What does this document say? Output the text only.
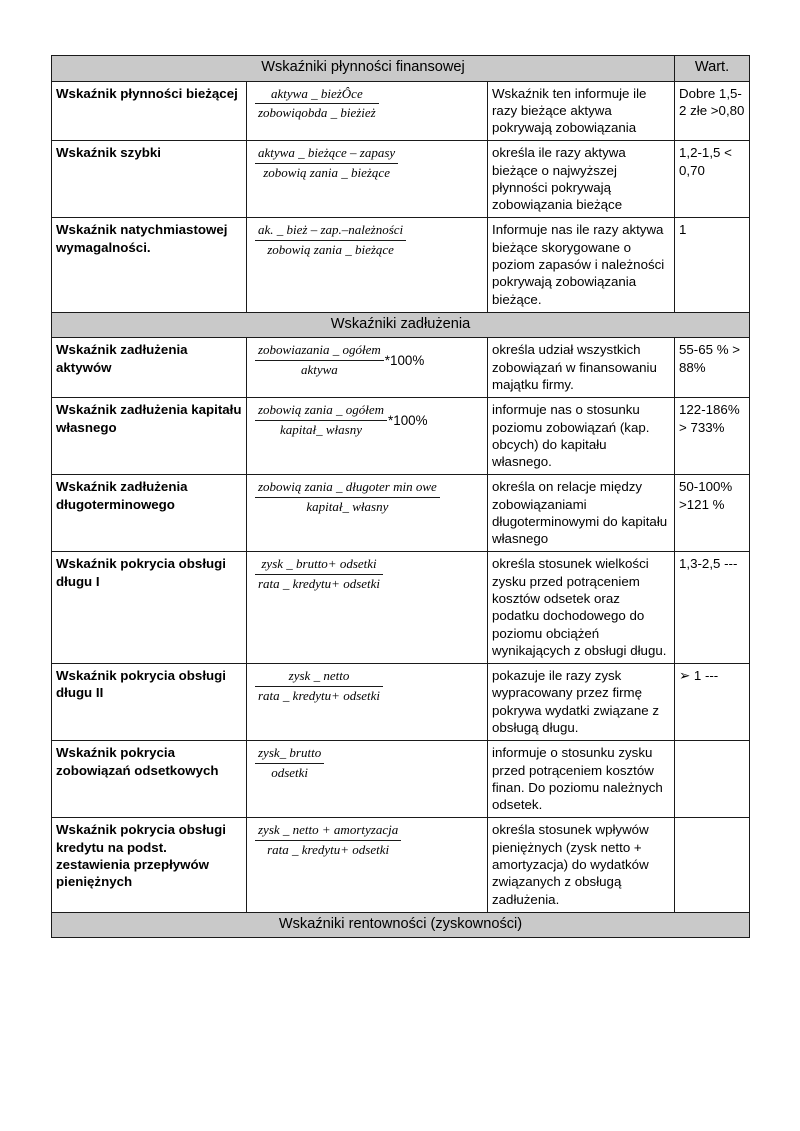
Wskaźniki płynności finansowej			Wart.
Wskaźnik płynności bieżącej	$\frac{\text{aktywa \_ bieżÔce}}{\text{zobowiqobda \_ bieżież}}$	Wskaźnik ten informuje ile razy bieżące aktywa pokrywają zobowiązania	Dobre 1,5-2 złe >0,80
Wskaźnik szybki	$\frac{\text{aktywa \_ bieżące – zapasy}}{\text{zobowią zania \_ bieżące}}$	określa ile razy aktywa bieżące o najwyższej płynności pokrywają zobowiązania bieżące	1,2-1,5 < 0,70
Wskaźnik natychmiastowej wymagalności.	$\frac{\text{ak. \_ bież – zap.–należności}}{\text{zobowią zania \_ bieżące}}$	Informuje nas ile razy aktywa bieżące skorygowane o poziom zapasów i należności pokrywają zobowiązania bieżące.	1
Wskaźniki zadłużenia			
Wskaźnik zadłużenia aktywów	$\frac{\text{zobowiazania \_ ogółem}}{\text{aktywa}} *100\%$	określa udział wszystkich zobowiązań w finansowaniu majątku firmy.	55-65 % > 88%
Wskaźnik zadłużenia kapitału własnego	$\frac{\text{zobowią zania \_ ogółem}}{\text{kapitał\_ własny}} *100\%$	informuje nas o stosunku poziomu zobowiązań (kap. obcych) do kapitału własnego.	122-186% > 733%
Wskaźnik zadłużenia długoterminowego	$\frac{\text{zobowią zania \_ długoter min owe}}{\text{kapitał\_ własny}}$	określa on relacje między zobowiązaniami długoterminowymi do kapitału własnego	50-100% >121 %
Wskaźnik pokrycia obsługi długu I	$\frac{\text{zysk \_ brutto+ odsetki}}{\text{rata \_ kredytu+ odsetki}}$	określa stosunek wielkości zysku przed potrąceniem kosztów odsetek oraz podatku dochodowego do poziomu obciążeń wynikających z obsługi długu.	1,3-2,5 ---
Wskaźnik pokrycia obsługi długu II	$\frac{\text{zysk \_ netto}}{\text{rata \_ kredytu+ odsetki}}$	pokazuje ile razy zysk wypracowany przez firmę pokrywa wydatki związane z obsługą długu.	➢ 1 ---
Wskaźnik pokrycia zobowiązań odsetkowych	$\frac{\text{zysk\_ brutto}}{\text{odsetki}}$	informuje o stosunku zysku przed potrąceniem kosztów finan. Do poziomu należnych odsetek.	
Wskaźnik pokrycia obsługi kredytu na podst. zestawienia przepływów pieniężnych	$\frac{\text{zysk \_ netto + amortyzacja}}{\text{rata \_ kredytu+ odsetki}}$	określa stosunek wpływów pieniężnych (zysk netto + amortyzacja) do wydatków związanych z obsługą zadłużenia.	
Wskaźniki rentowności (zyskowności)			
